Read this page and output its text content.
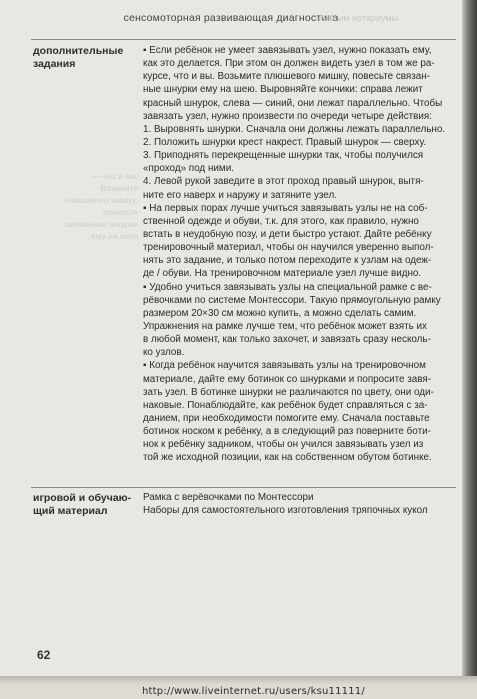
сенсомоторная развивающая диагностика
нежным нотариумы
дополнительные
задания
▪ Если ребёнок не умеет завязывать узел, нужно показать ему,
как это делается. При этом он должен видеть узел в том же ра-
курсе, что и вы. Возьмите плюшевого мишку, повесьте связан-
ные шнурки ему на шею. Выровняйте кончики: справа лежит
красный шнурок, слева — синий, они лежат параллельно. Чтобы
завязать узел, нужно произвести по очереди четыре действия:
1. Выровнять шнурки. Сначала они должны лежать параллельно.
2. Положить шнурки крест накрест. Правый шнурок — сверху.
3. Приподнять перекрещенные шнурки так, чтобы получился
«проход» под ними.
4. Левой рукой заведите в этот проход правый шнурок, вытя-
ните его наверх и наружу и затяните узел.
▪ На первых порах лучше учиться завязывать узлы не на соб-
ственной одежде и обуви, т.к. для этого, как правило, нужно
встать в неудобную позу, и дети быстро устают. Дайте ребёнку
тренировочный материал, чтобы он научился уверенно выпол-
нять это задание, и только потом переходите к узлам на одеж-
де / обуви. На тренировочном материале узел лучше видно.
▪ Удобно учиться завязывать узлы на специальной рамке с ве-
рёвочками по системе Монтессори. Такую прямоугольную рамку
размером 20×30 см можно купить, а можно сделать самим.
Упражнения на рамке лучше тем, что ребёнок может взять их
в любой момент, как только захочет, и завязать сразу несколь-
ко узлов.
▪ Когда ребёнок научится завязывать узлы на тренировочном
материале, дайте ему ботинок со шнурками и попросите завя-
зать узел. В ботинке шнурки не различаются по цвету, они оди-
наковые. Понаблюдайте, как ребёнок будет справляться с за-
данием, при необходимости помогите ему. Сначала поставьте
ботинок носком к ребёнку, а в следующий раз поверните боти-
нок к ребёнку задником, чтобы он учился завязывать узел из
той же исходной позиции, как на собственном обутом ботинке.
— что и вы. Возьмите плюшевого мишку, повесьте связанные шнурки ему на шею
игровой и обучаю-
щий материал
Рамка с верёвочками по Монтессори
Наборы для самостоятельного изготовления тряпочных кукол
62
http://www.liveinternet.ru/users/ksu11111/
